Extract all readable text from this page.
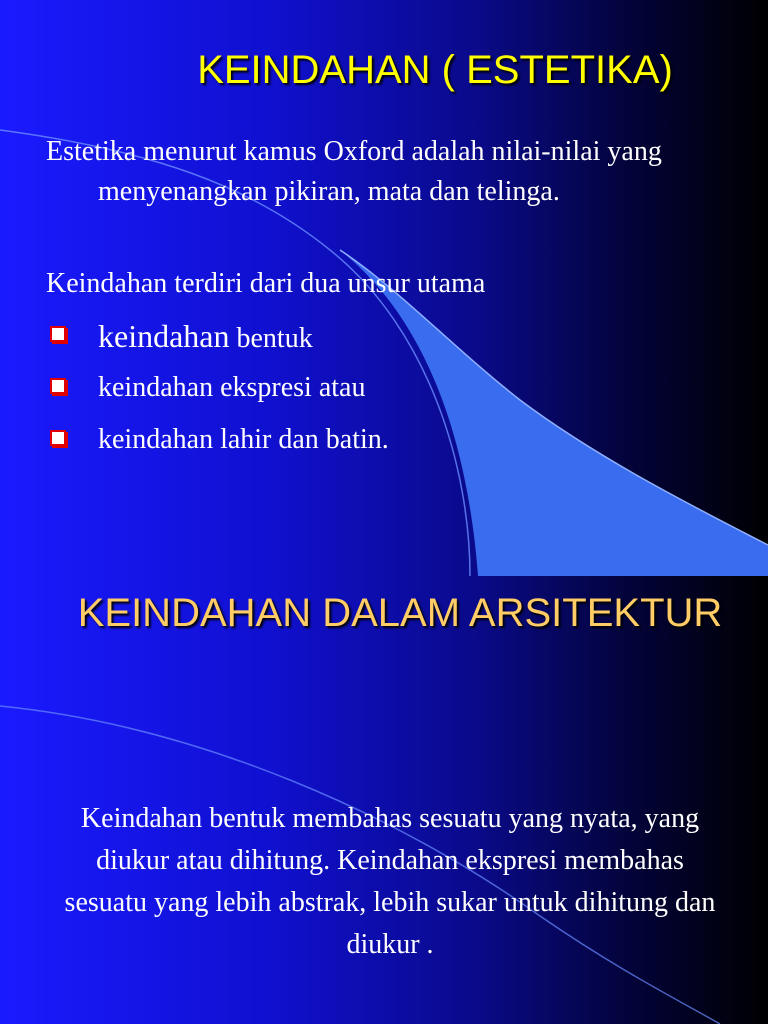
KEINDAHAN ( ESTETIKA)
Estetika menurut kamus Oxford adalah nilai-nilai yang menyenangkan pikiran, mata dan telinga.
Keindahan terdiri dari dua unsur utama
keindahan bentuk
keindahan ekspresi atau
keindahan lahir dan batin.
KEINDAHAN DALAM ARSITEKTUR
Keindahan bentuk membahas sesuatu yang nyata, yang diukur atau dihitung. Keindahan ekspresi membahas sesuatu yang lebih abstrak, lebih sukar untuk dihitung dan diukur .
